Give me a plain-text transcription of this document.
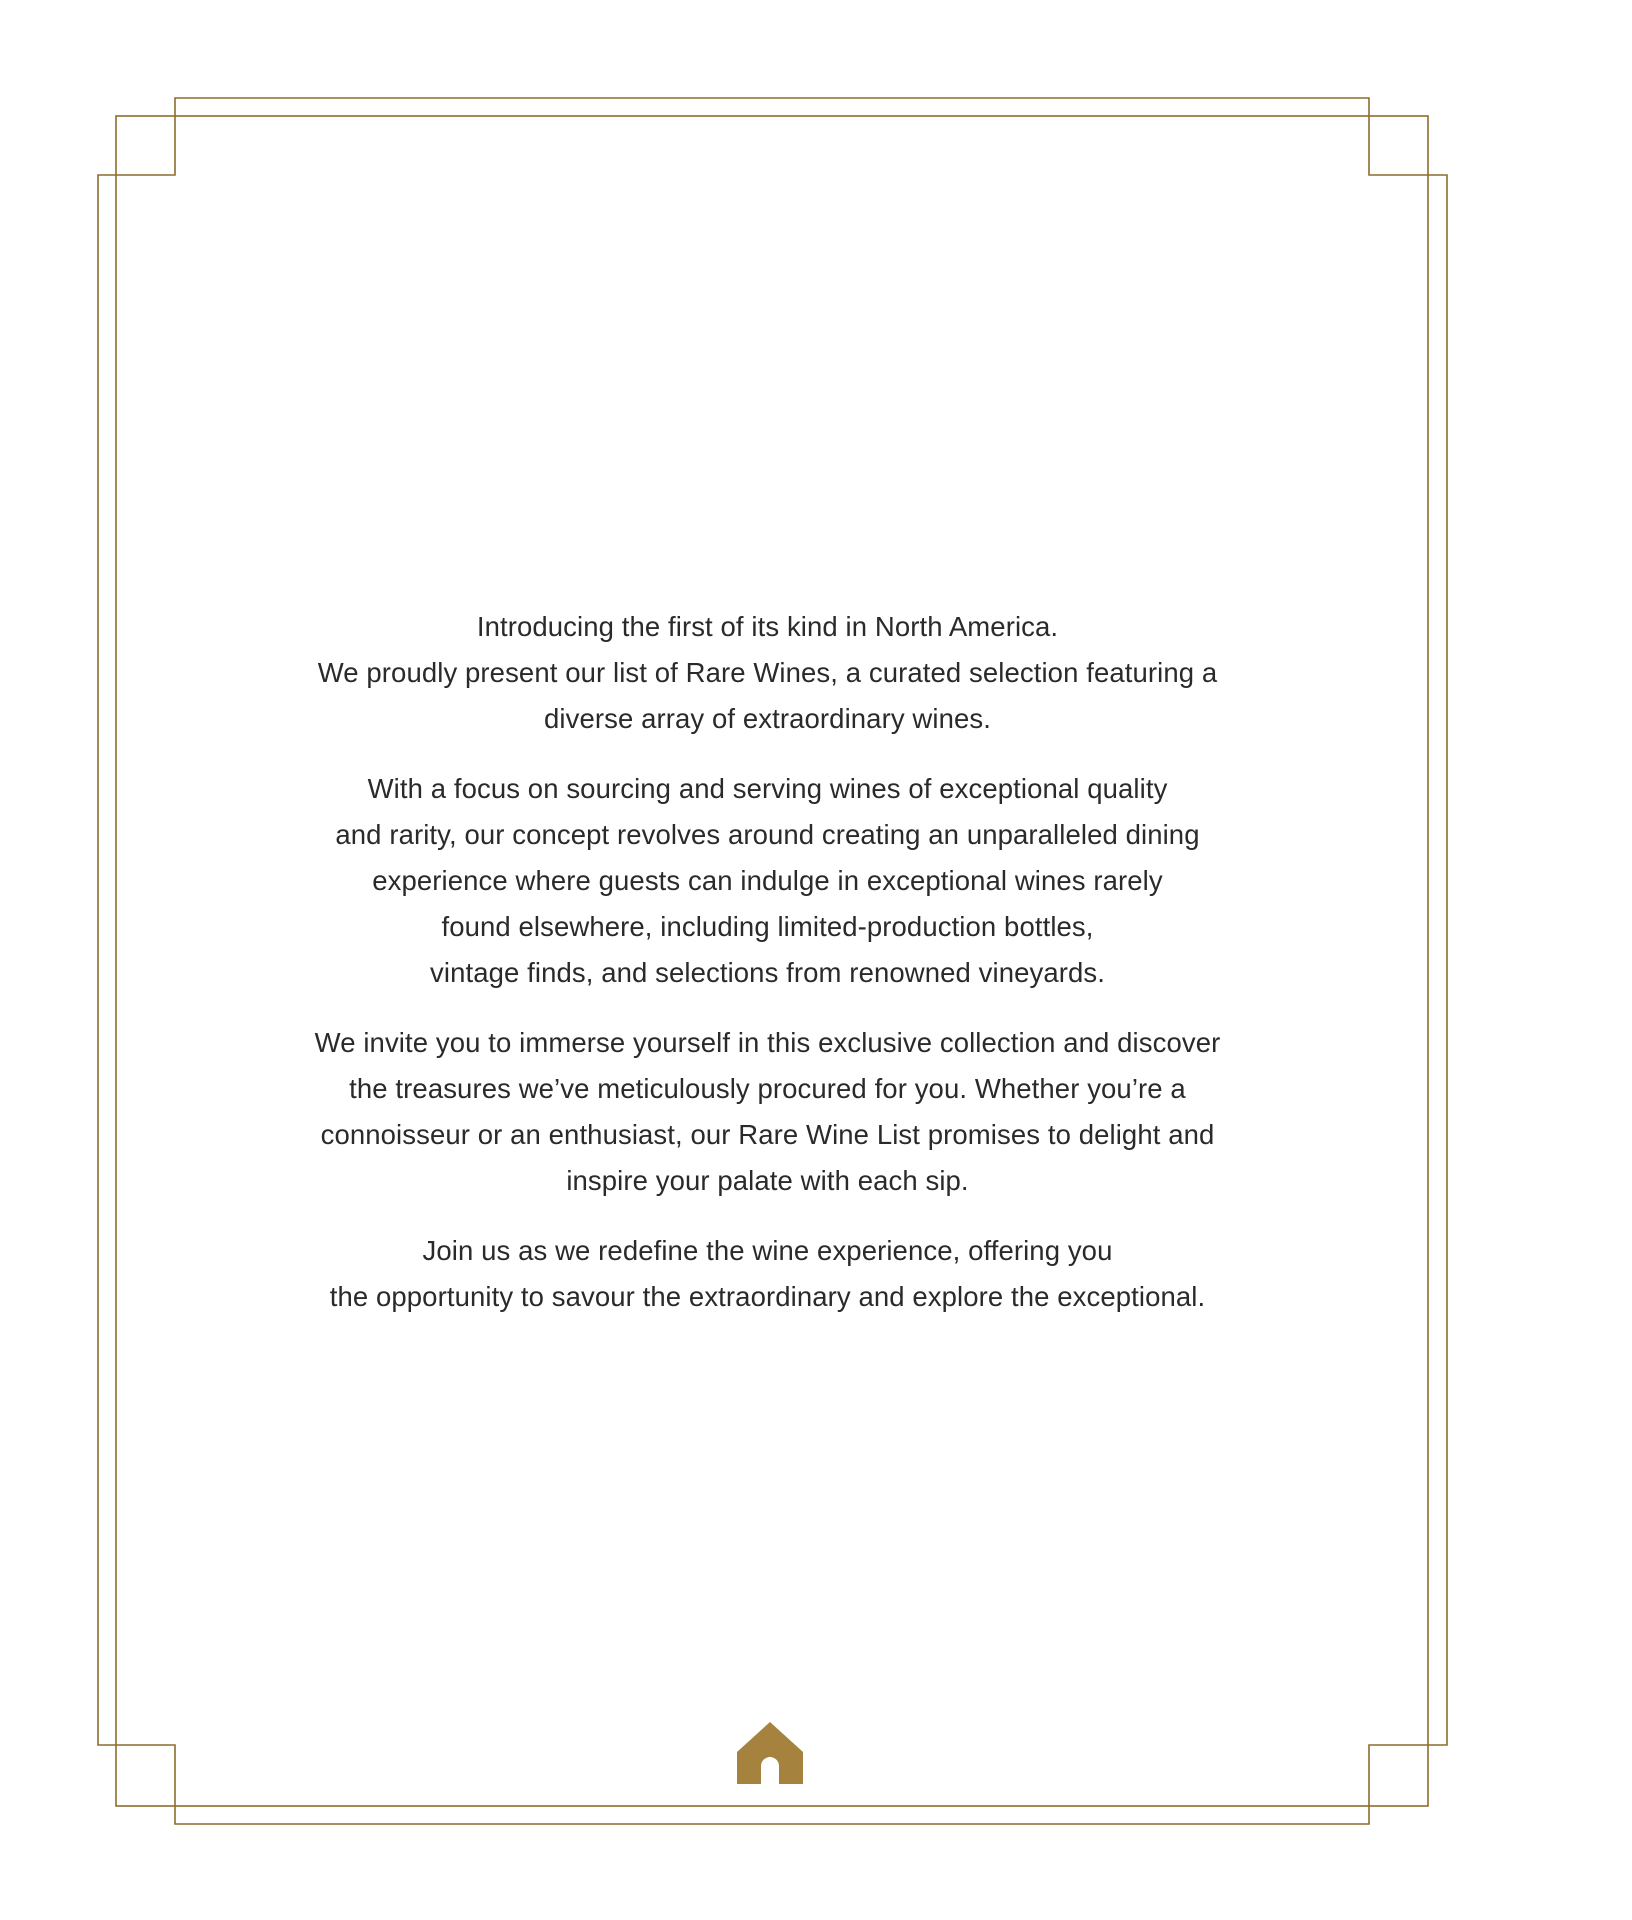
Introducing the first of its kind in North America.
We proudly present our list of Rare Wines, a curated selection featuring a
diverse array of extraordinary wines.

With a focus on sourcing and serving wines of exceptional quality
and rarity, our concept revolves around creating an unparalleled dining
experience where guests can indulge in exceptional wines rarely
found elsewhere, including limited-production bottles,
vintage finds, and selections from renowned vineyards.

We invite you to immerse yourself in this exclusive collection and discover
the treasures we’ve meticulously procured for you. Whether you’re a
connoisseur or an enthusiast, our Rare Wine List promises to delight and
inspire your palate with each sip.

Join us as we redefine the wine experience, offering you
the opportunity to savour the extraordinary and explore the exceptional.
